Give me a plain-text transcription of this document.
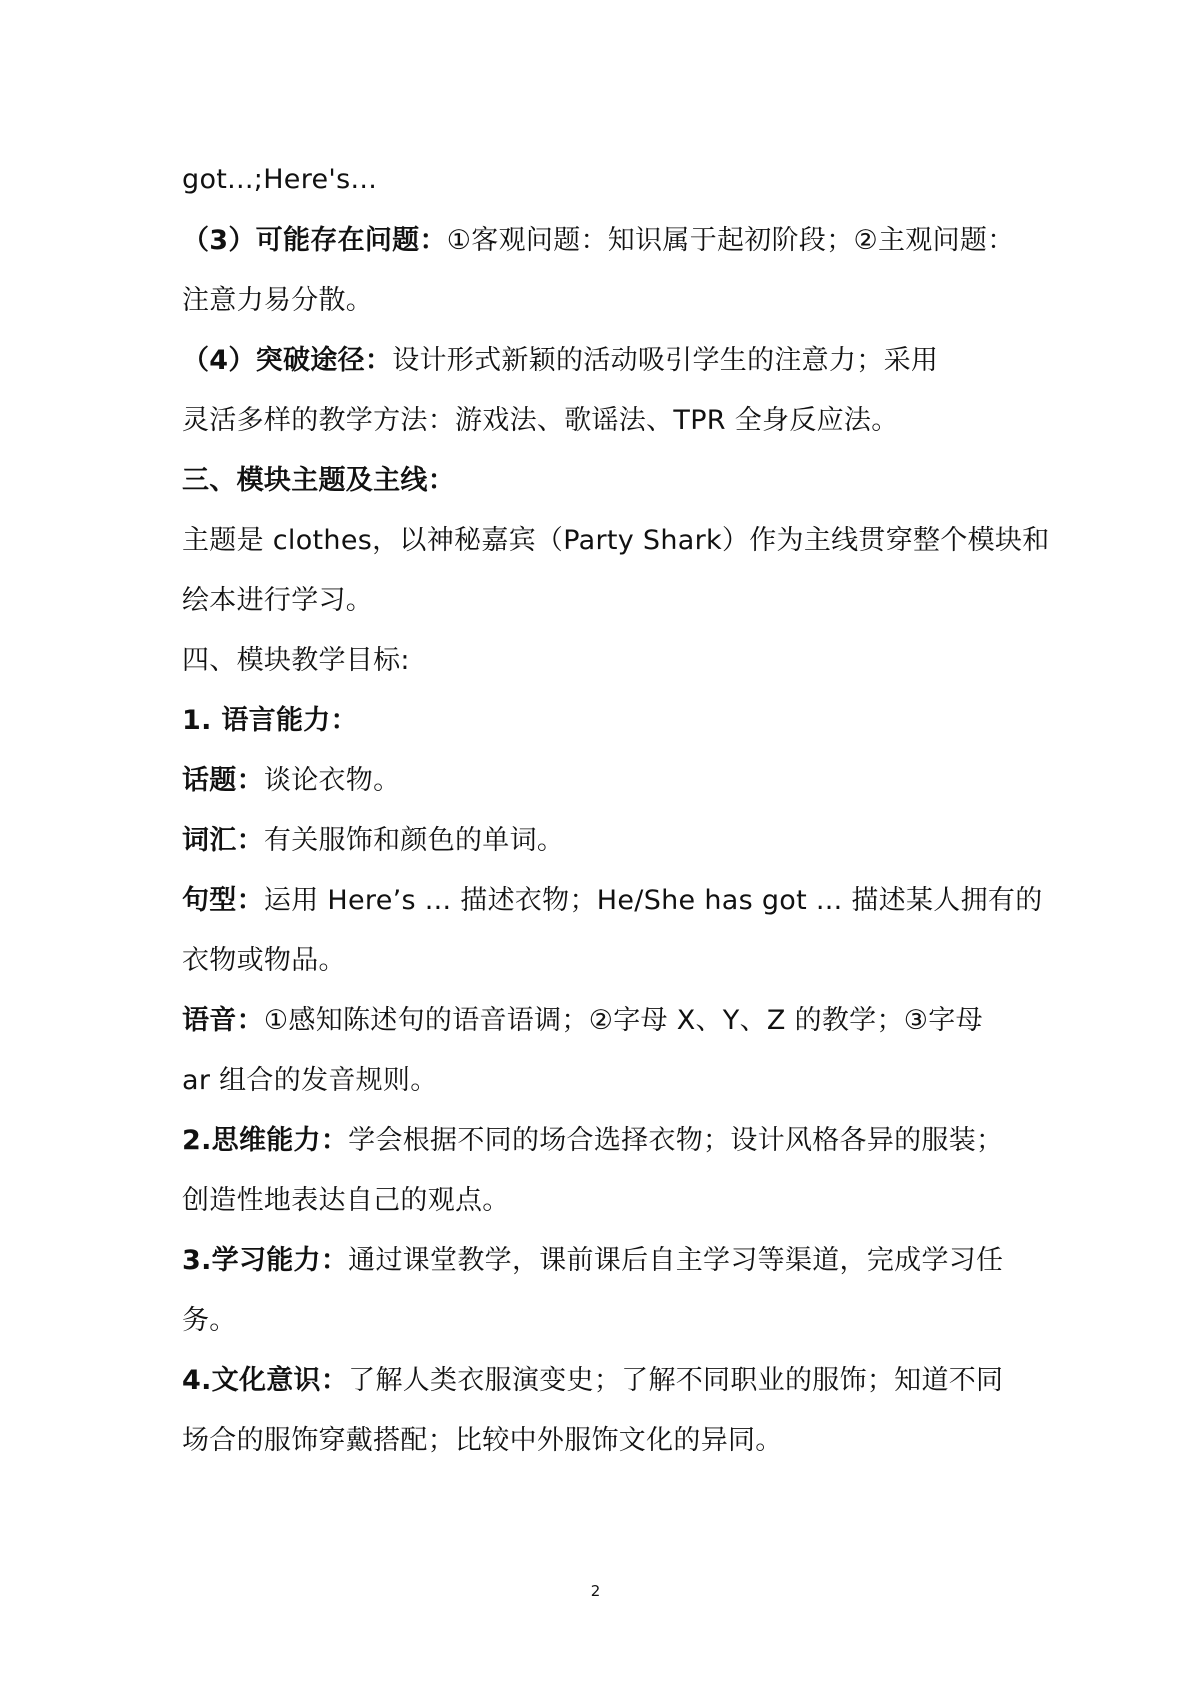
got...;Here's...
（3）可能存在问题：①客观问题：知识属于起初阶段；②主观问题：
注意力易分散。
（4）突破途径：设计形式新颖的活动吸引学生的注意力；采用
灵活多样的教学方法：游戏法、歌谣法、TPR 全身反应法。
三、模块主题及主线：
主题是 clothes，以神秘嘉宾（Party Shark）作为主线贯穿整个模块和
绘本进行学习。
四、模块教学目标:
1. 语言能力：
话题：谈论衣物。
词汇：有关服饰和颜色的单词。
句型：运用 Here’s ... 描述衣物；He/She has got ... 描述某人拥有的
衣物或物品。
语音：①感知陈述句的语音语调；②字母 X、Y、Z 的教学；③字母
ar 组合的发音规则。
2.思维能力：学会根据不同的场合选择衣物；设计风格各异的服装；
创造性地表达自己的观点。
3.学习能力：通过课堂教学，课前课后自主学习等渠道，完成学习任
务。
4.文化意识：了解人类衣服演变史；了解不同职业的服饰；知道不同
场合的服饰穿戴搭配；比较中外服饰文化的异同。
2
